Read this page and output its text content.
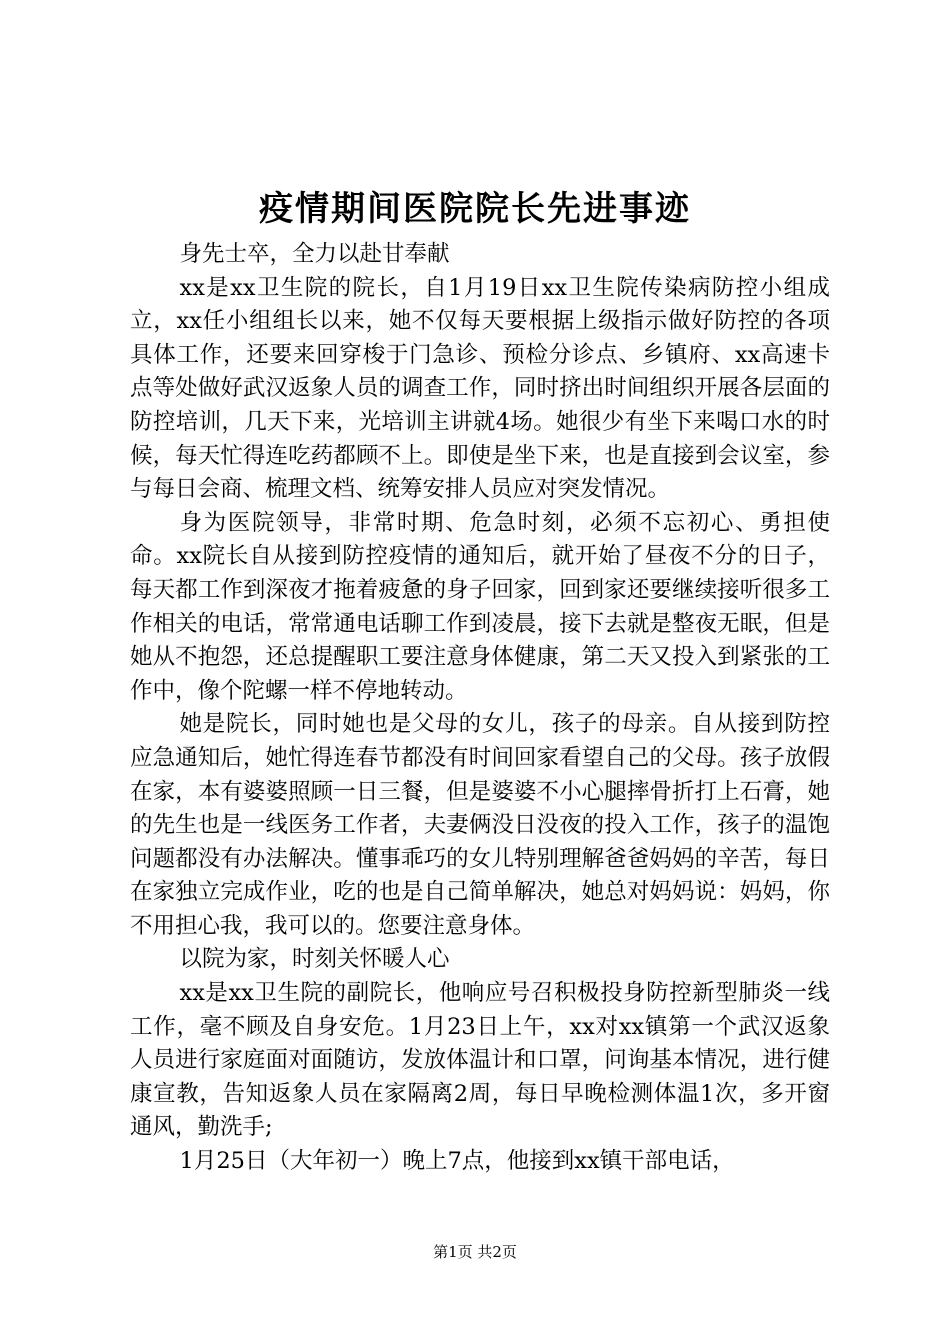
疫情期间医院院长先进事迹

身先士卒，全力以赴甘奉献

xx是xx卫生院的院长，自1月19日xx卫生院传染病防控小组成立，xx任小组组长以来，她不仅每天要根据上级指示做好防控的各项具体工作，还要来回穿梭于门急诊、预检分诊点、乡镇府、xx高速卡点等处做好武汉返象人员的调查工作，同时挤出时间组织开展各层面的防控培训，几天下来，光培训主讲就4场。她很少有坐下来喝口水的时候，每天忙得连吃药都顾不上。即使是坐下来，也是直接到会议室，参与每日会商、梳理文档、统筹安排人员应对突发情况。

身为医院领导，非常时期、危急时刻，必须不忘初心、勇担使命。xx院长自从接到防控疫情的通知后，就开始了昼夜不分的日子，每天都工作到深夜才拖着疲惫的身子回家，回到家还要继续接听很多工作相关的电话，常常通电话聊工作到凌晨，接下去就是整夜无眠，但是她从不抱怨，还总提醒职工要注意身体健康，第二天又投入到紧张的工作中，像个陀螺一样不停地转动。

她是院长，同时她也是父母的女儿，孩子的母亲。自从接到防控应急通知后，她忙得连春节都没有时间回家看望自己的父母。孩子放假在家，本有婆婆照顾一日三餐，但是婆婆不小心腿摔骨折打上石膏，她的先生也是一线医务工作者，夫妻俩没日没夜的投入工作，孩子的温饱问题都没有办法解决。懂事乖巧的女儿特别理解爸爸妈妈的辛苦，每日在家独立完成作业，吃的也是自己简单解决，她总对妈妈说：妈妈，你不用担心我，我可以的。您要注意身体。

以院为家，时刻关怀暖人心

xx是xx卫生院的副院长，他响应号召积极投身防控新型肺炎一线工作，毫不顾及自身安危。1月23日上午，xx对xx镇第一个武汉返象人员进行家庭面对面随访，发放体温计和口罩，问询基本情况，进行健康宣教，告知返象人员在家隔离2周，每日早晚检测体温1次，多开窗通风，勤洗手;

1月25日（大年初一）晚上7点，他接到xx镇干部电话，

第1页 共2页
